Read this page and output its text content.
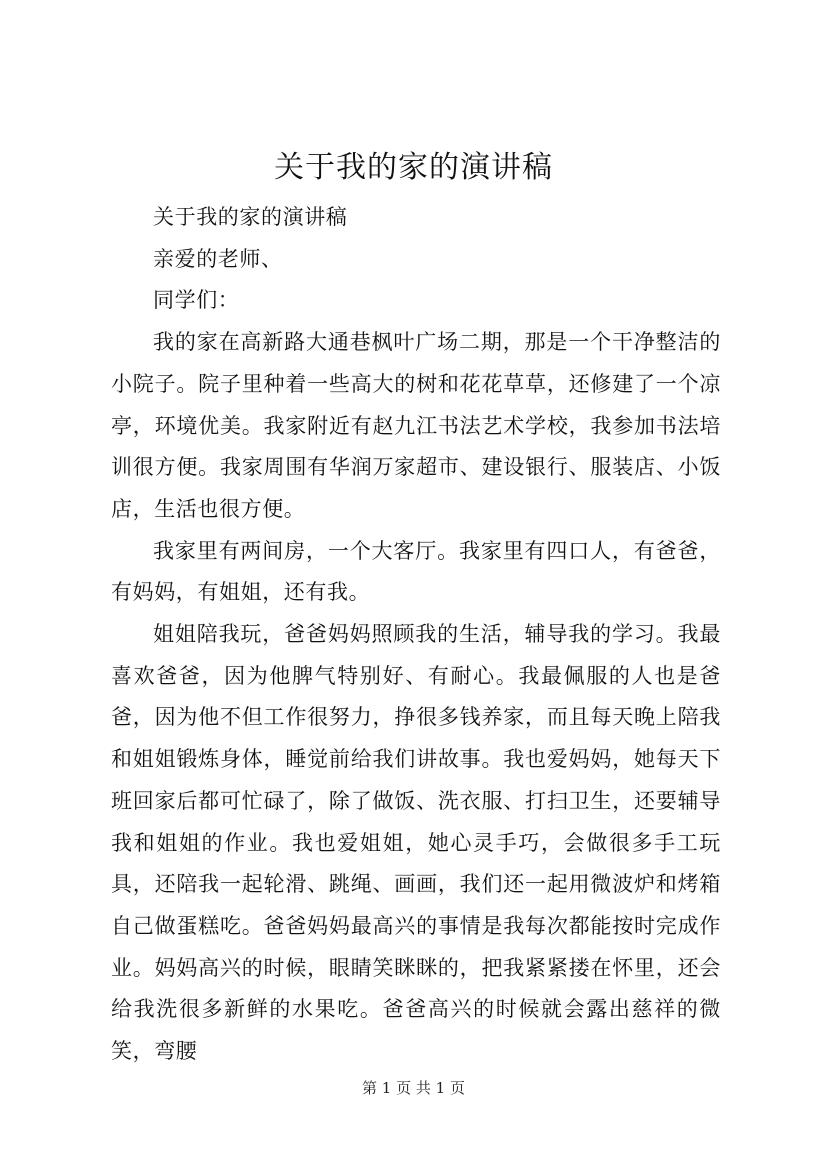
关于我的家的演讲稿

关于我的家的演讲稿

亲爱的老师、

同学们：

我的家在高新路大通巷枫叶广场二期，那是一个干净整洁的小院子。院子里种着一些高大的树和花花草草，还修建了一个凉亭，环境优美。我家附近有赵九江书法艺术学校，我参加书法培训很方便。我家周围有华润万家超市、建设银行、服装店、小饭店，生活也很方便。

我家里有两间房，一个大客厅。我家里有四口人，有爸爸，有妈妈，有姐姐，还有我。

姐姐陪我玩，爸爸妈妈照顾我的生活，辅导我的学习。我最喜欢爸爸，因为他脾气特别好、有耐心。我最佩服的人也是爸爸，因为他不但工作很努力，挣很多钱养家，而且每天晚上陪我和姐姐锻炼身体，睡觉前给我们讲故事。我也爱妈妈，她每天下班回家后都可忙碌了，除了做饭、洗衣服、打扫卫生，还要辅导我和姐姐的作业。我也爱姐姐，她心灵手巧，会做很多手工玩具，还陪我一起轮滑、跳绳、画画，我们还一起用微波炉和烤箱自己做蛋糕吃。爸爸妈妈最高兴的事情是我每次都能按时完成作业。妈妈高兴的时候，眼睛笑眯眯的，把我紧紧搂在怀里，还会给我洗很多新鲜的水果吃。爸爸高兴的时候就会露出慈祥的微笑，弯腰

第 1 页 共 1 页
